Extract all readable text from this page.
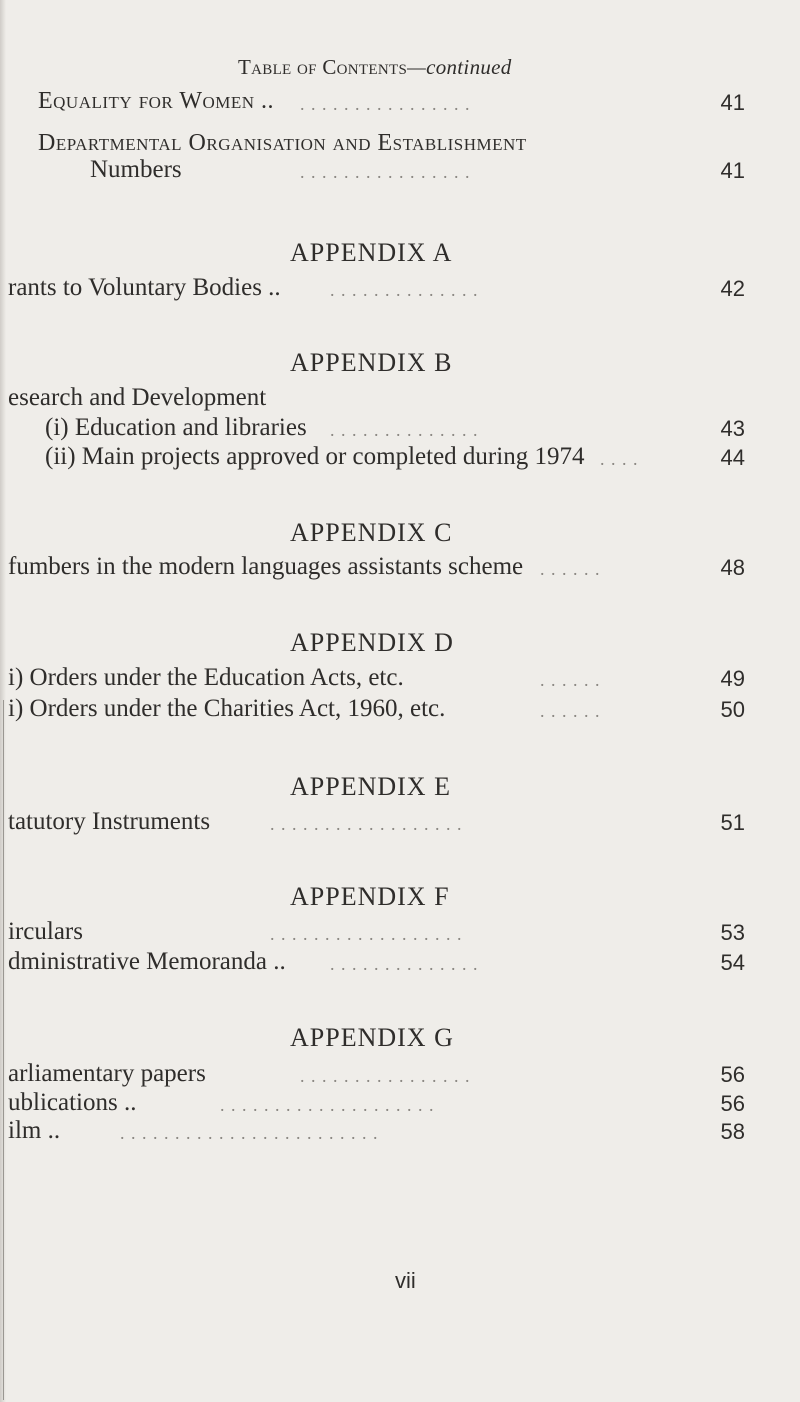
Table of Contents—continued
Equality for Women .. . . . . . . . . . . . . . . . .	41
Departmental Organisation and Establishment
Numbers	. . . . . . . . . . . . . . . .	41
APPENDIX A
rants to Voluntary Bodies ..	. . . . . . . . . . . . . .	42
APPENDIX B
esearch and Development
(i) Education and libraries . . . . . . . . . . . . . .	43
(ii) Main projects approved or completed during 1974 . . . .	44
APPENDIX C
fumbers in the modern languages assistants scheme . . . . . .	48
APPENDIX D
i) Orders under the Education Acts, etc.	. . . . . .	49
i) Orders under the Charities Act, 1960, etc.	. . . . . .	50
APPENDIX E
tatutory Instruments	. . . . . . . . . . . . . . . . . .	51
APPENDIX F
irculars	. . . . . . . . . . . . . . . . . .	53
dministrative Memoranda .. . . . . . . . . . . . . . .	54
APPENDIX G
arliamentary papers	. . . . . . . . . . . . . . . .	56
ublications ..	. . . . . . . . . . . . . . . . . . . .	56
ilm ..	. . . . . . . . . . . . . . . . . . . . . . . .	58
vii
